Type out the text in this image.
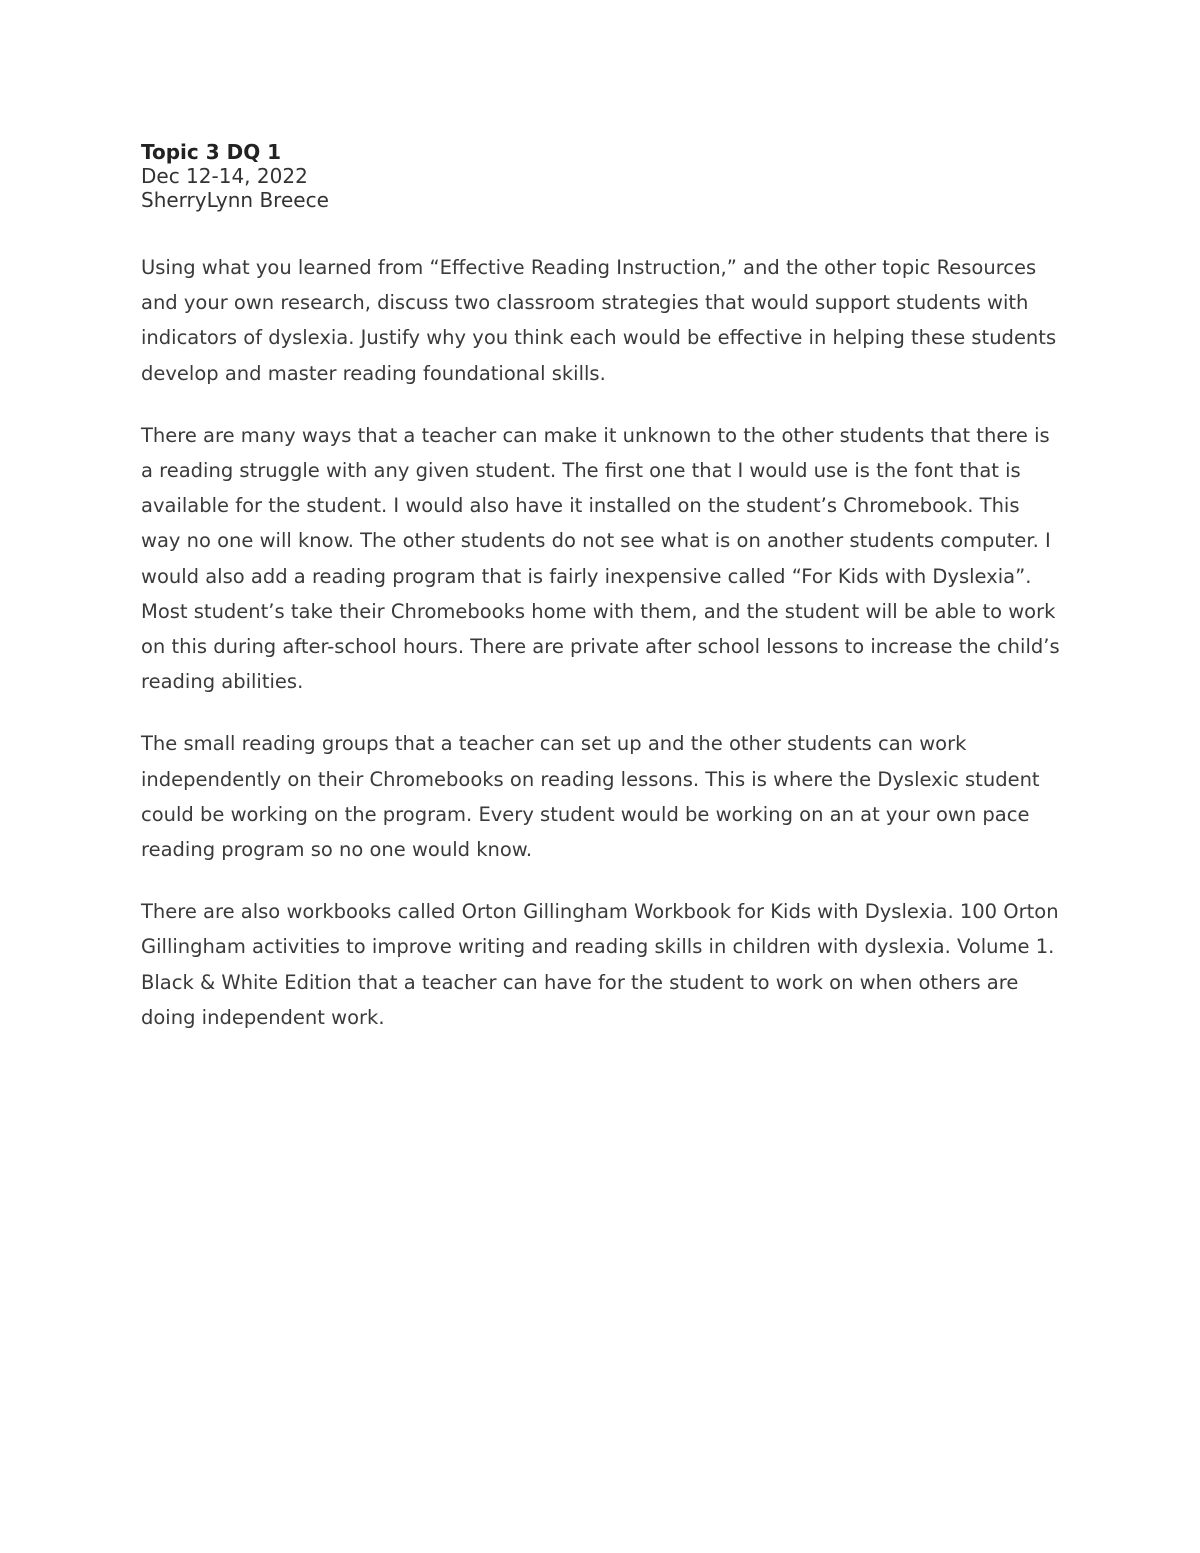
Topic 3 DQ 1

Dec 12-14, 2022

SherryLynn Breece

Using what you learned from “Effective Reading Instruction,” and the other topic Resources and your own research, discuss two classroom strategies that would support students with indicators of dyslexia. Justify why you think each would be effective in helping these students develop and master reading foundational skills.

There are many ways that a teacher can make it unknown to the other students that there is a reading struggle with any given student. The first one that I would use is the font that is available for the student. I would also have it installed on the student’s Chromebook. This way no one will know. The other students do not see what is on another students computer. I would also add a reading program that is fairly inexpensive called “For Kids with Dyslexia”. Most student’s take their Chromebooks home with them, and the student will be able to work on this during after-school hours. There are private after school lessons to increase the child’s reading abilities.

The small reading groups that a teacher can set up and the other students can work independently on their Chromebooks on reading lessons. This is where the Dyslexic student could be working on the program. Every student would be working on an at your own pace reading program so no one would know.

There are also workbooks called Orton Gillingham Workbook for Kids with Dyslexia. 100 Orton Gillingham activities to improve writing and reading skills in children with dyslexia. Volume 1. Black & White Edition that a teacher can have for the student to work on when others are doing independent work.
